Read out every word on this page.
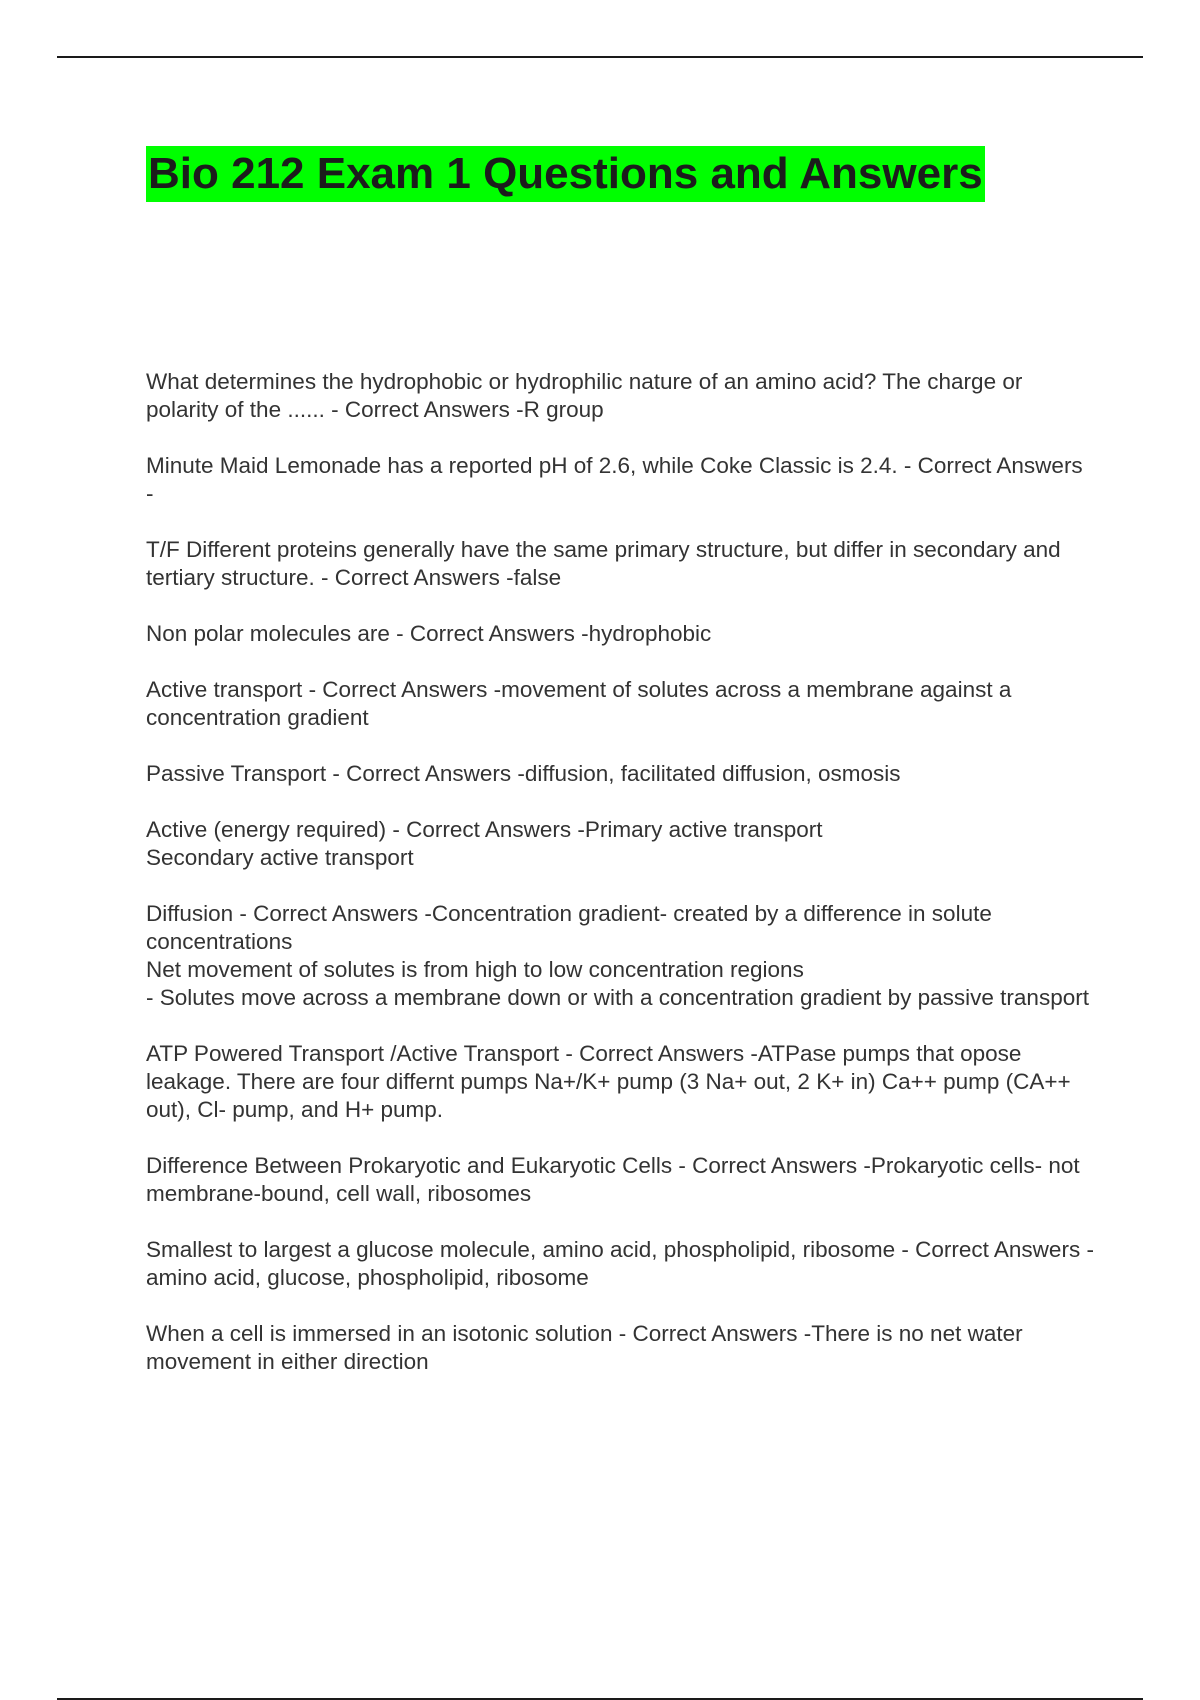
Bio 212 Exam 1 Questions and Answers
What determines the hydrophobic or hydrophilic nature of an amino acid? The charge or polarity of the ...... - Correct Answers -R group
Minute Maid Lemonade has a reported pH of 2.6, while Coke Classic is 2.4. - Correct Answers -
T/F Different proteins generally have the same primary structure, but differ in secondary and tertiary structure. - Correct Answers -false
Non polar molecules are - Correct Answers -hydrophobic
Active transport - Correct Answers -movement of solutes across a membrane against a concentration gradient
Passive Transport - Correct Answers -diffusion, facilitated diffusion, osmosis
Active (energy required) - Correct Answers -Primary active transport
Secondary active transport
Diffusion - Correct Answers -Concentration gradient- created by a difference in solute concentrations
Net movement of solutes is from high to low concentration regions
- Solutes move across a membrane down or with a concentration gradient by passive transport
ATP Powered Transport /Active Transport - Correct Answers -ATPase pumps that opose leakage. There are four differnt pumps Na+/K+ pump (3 Na+ out, 2 K+ in) Ca++ pump (CA++ out), Cl- pump, and H+ pump.
Difference Between Prokaryotic and Eukaryotic Cells - Correct Answers -Prokaryotic cells- not membrane-bound, cell wall, ribosomes
Smallest to largest a glucose molecule, amino acid, phospholipid, ribosome - Correct Answers -amino acid, glucose, phospholipid, ribosome
When a cell is immersed in an isotonic solution - Correct Answers -There is no net water movement in either direction
